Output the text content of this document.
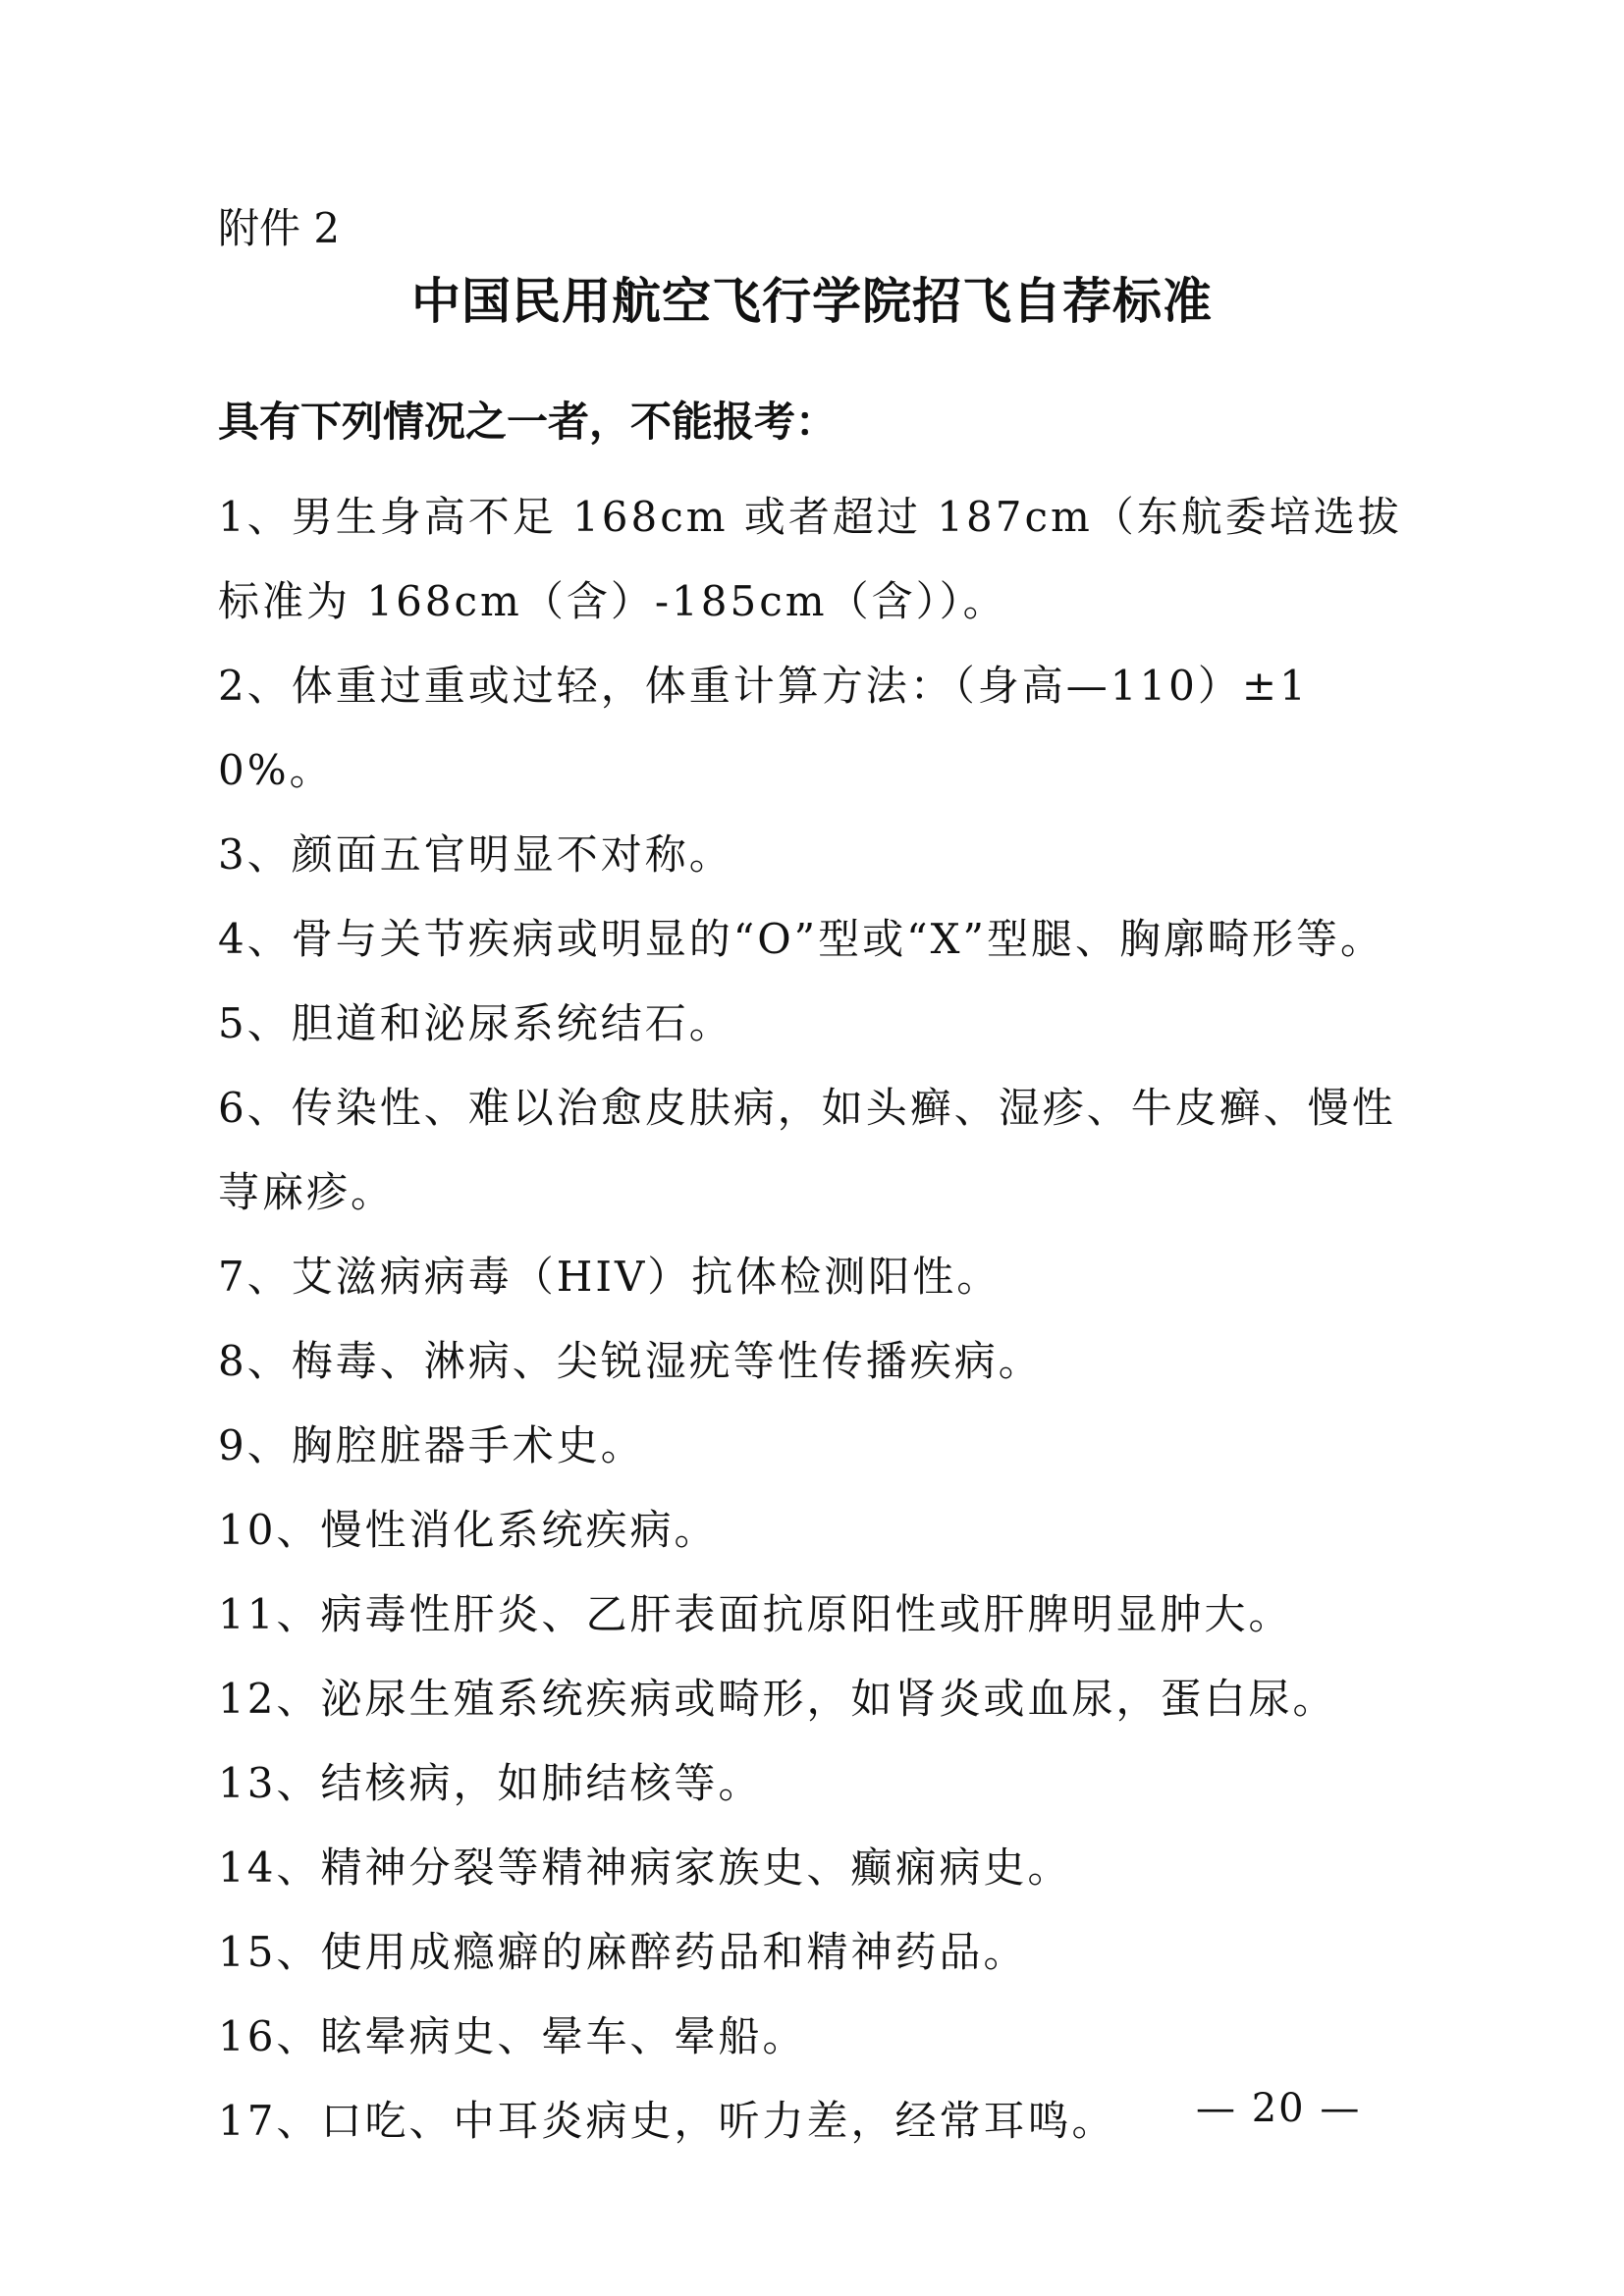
附件 2
中国民用航空飞行学院招飞自荐标准
具有下列情况之一者，不能报考：
1、男生身高不足 168cm 或者超过 187cm（东航委培选拔标准为 168cm（含）-185cm（含））。
2、体重过重或过轻，体重计算方法：（身高—110）±10%。
3、颜面五官明显不对称。
4、骨与关节疾病或明显的“O”型或“X”型腿、胸廓畸形等。
5、胆道和泌尿系统结石。
6、传染性、难以治愈皮肤病，如头癣、湿疹、牛皮癣、慢性荨麻疹。
7、艾滋病病毒（HIV）抗体检测阳性。
8、梅毒、淋病、尖锐湿疣等性传播疾病。
9、胸腔脏器手术史。
10、慢性消化系统疾病。
11、病毒性肝炎、乙肝表面抗原阳性或肝脾明显肿大。
12、泌尿生殖系统疾病或畸形，如肾炎或血尿，蛋白尿。
13、结核病，如肺结核等。
14、精神分裂等精神病家族史、癫痫病史。
15、使用成瘾癖的麻醉药品和精神药品。
16、眩晕病史、晕车、晕船。
17、口吃、中耳炎病史，听力差，经常耳鸣。	— 20 —
